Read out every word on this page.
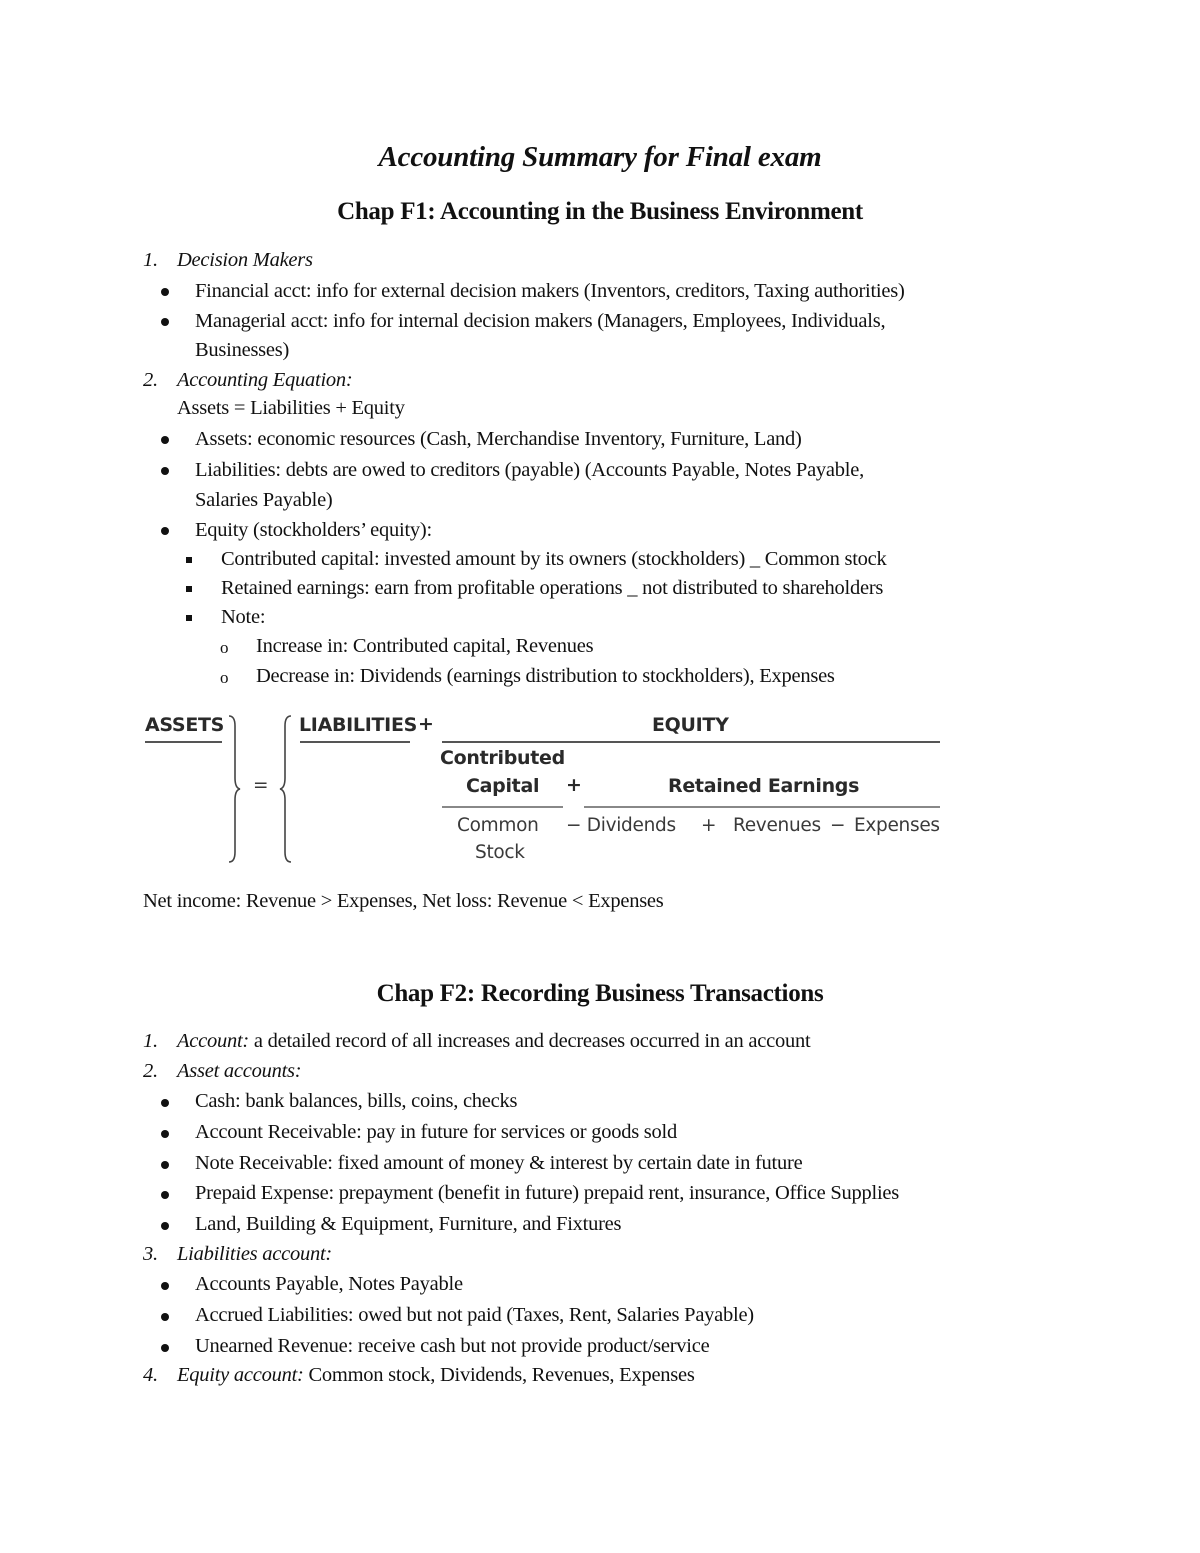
Accounting Summary for Final exam
Chap F1: Accounting in the Business Environment
1. Decision Makers
Financial acct: info for external decision makers (Inventors, creditors, Taxing authorities)
Managerial acct: info for internal decision makers (Managers, Employees, Individuals,
Businesses)
2. Accounting Equation:
Assets = Liabilities + Equity
Assets: economic resources (Cash, Merchandise Inventory, Furniture, Land)
Liabilities: debts are owed to creditors (payable) (Accounts Payable, Notes Payable,
Salaries Payable)
Equity (stockholders’ equity):
Contributed capital: invested amount by its owners (stockholders) _ Common stock
Retained earnings: earn from profitable operations _ not distributed to shareholders
Note:
o Increase in: Contributed capital, Revenues
o Decrease in: Dividends (earnings distribution to stockholders), Expenses
ASSETS
=
LIABILITIES +	EQUITY
Contributed
Capital +	Retained Earnings
Common
Stock
− Dividends + Revenues − Expenses
Net income: Revenue > Expenses, Net loss: Revenue < Expenses
Chap F2: Recording Business Transactions
1. Account: a detailed record of all increases and decreases occurred in an account
2. Asset accounts:
Cash: bank balances, bills, coins, checks
Account Receivable: pay in future for services or goods sold
Note Receivable: fixed amount of money & interest by certain date in future
Prepaid Expense: prepayment (benefit in future) prepaid rent, insurance, Office Supplies
Land, Building & Equipment, Furniture, and Fixtures
3. Liabilities account:
Accounts Payable, Notes Payable
Accrued Liabilities: owed but not paid (Taxes, Rent, Salaries Payable)
Unearned Revenue: receive cash but not provide product/service
4. Equity account: Common stock, Dividends, Revenues, Expenses
